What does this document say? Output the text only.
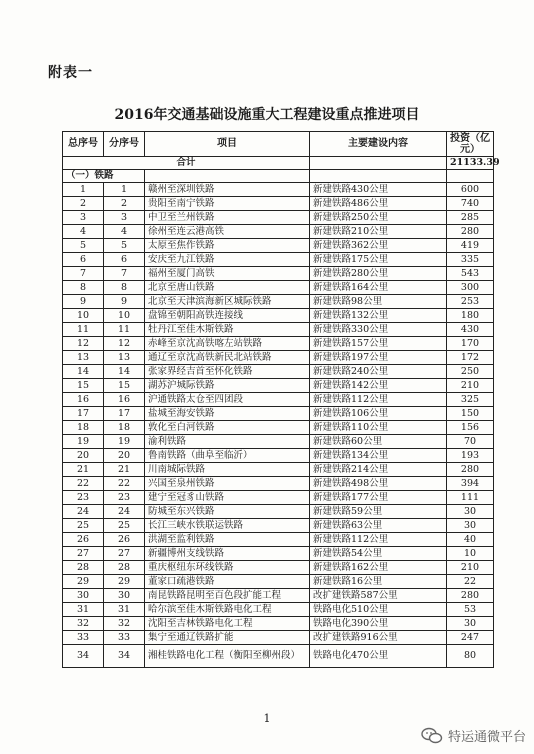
附表一
2016年交通基础设施重大工程建设重点推进项目
总序号	分序号	项目	主要建设内容	投资（亿元）
合计				21133.39
（一）铁路				
1	1	赣州至深圳铁路	新建铁路430公里	600
2	2	贵阳至南宁铁路	新建铁路486公里	740
3	3	中卫至兰州铁路	新建铁路250公里	285
4	4	徐州至连云港高铁	新建铁路210公里	280
5	5	太原至焦作铁路	新建铁路362公里	419
6	6	安庆至九江铁路	新建铁路175公里	335
7	7	福州至厦门高铁	新建铁路280公里	543
8	8	北京至唐山铁路	新建铁路164公里	300
9	9	北京至天津滨海新区城际铁路	新建铁路98公里	253
10	10	盘锦至朝阳高铁连接线	新建铁路132公里	180
11	11	牡丹江至佳木斯铁路	新建铁路330公里	430
12	12	赤峰至京沈高铁喀左站铁路	新建铁路157公里	170
13	13	通辽至京沈高铁新民北站铁路	新建铁路197公里	172
14	14	张家界经吉首至怀化铁路	新建铁路240公里	250
15	15	湖苏沪城际铁路	新建铁路142公里	210
16	16	沪通铁路太仓至四团段	新建铁路112公里	325
17	17	盐城至海安铁路	新建铁路106公里	150
18	18	敦化至白河铁路	新建铁路110公里	156
19	19	渝利铁路	新建铁路60公里	70
20	20	鲁南铁路（曲阜至临沂）	新建铁路134公里	193
21	21	川南城际铁路	新建铁路214公里	280
22	22	兴国至泉州铁路	新建铁路498公里	394
23	23	建宁至冠豸山铁路	新建铁路177公里	111
24	24	防城至东兴铁路	新建铁路59公里	30
25	25	长江三峡水铁联运铁路	新建铁路63公里	30
26	26	洪湖至监利铁路	新建铁路112公里	40
27	27	新疆博州支线铁路	新建铁路54公里	10
28	28	重庆枢纽东环线铁路	新建铁路162公里	210
29	29	董家口疏港铁路	新建铁路16公里	22
30	30	南昆铁路昆明至百色段扩能工程	改扩建铁路587公里	280
31	31	哈尔滨至佳木斯铁路电化工程	铁路电化510公里	53
32	32	沈阳至吉林铁路电化工程	铁路电化390公里	30
33	33	集宁至通辽铁路扩能	改扩建铁路916公里	247
34	34	湘桂铁路电化工程（衡阳至柳州段）	铁路电化470公里	80
1
特运通微平台
